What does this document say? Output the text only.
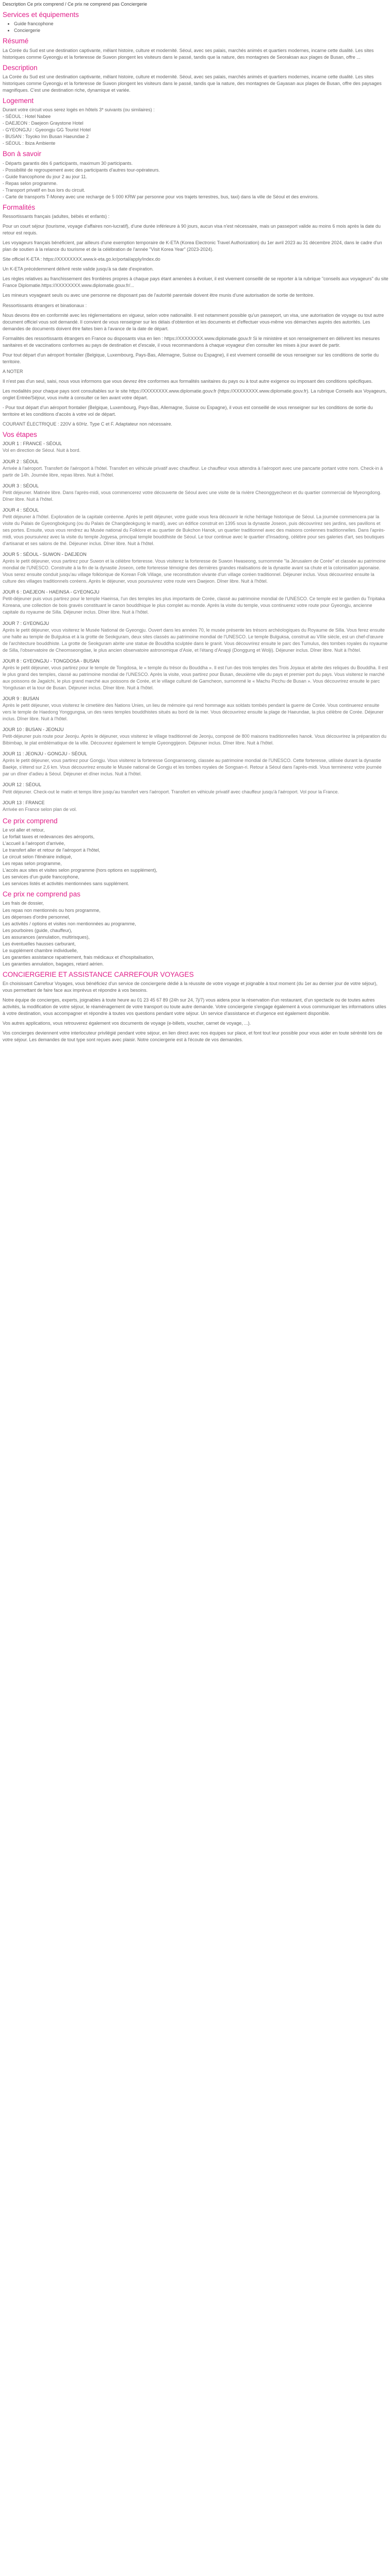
Description Ce prix comprend / Ce prix ne comprend pas Conciergerie
Services et équipements
• Guide francophone
• Conciergerie
Résumé

La Corée du Sud est une destination captivante, mêlant histoire, culture et modernité. Séoul, avec ses palais, marchés animés et quartiers modernes, incarne cette dualité. Les sites historiques comme Gyeongju et la forteresse de Suwon plongent les visiteurs dans le passé, tandis que la nature, des montagnes de Seoraksan aux plages de Busan, offre ...

Description

La Corée du Sud est une destination captivante, mêlant histoire, culture et modernité. Séoul, avec ses palais, marchés animés et quartiers modernes, incarne cette dualité. Les sites historiques comme Gyeongju et la forteresse de Suwon plongent les visiteurs dans le passé, tandis que la nature, des montagnes de Gayasan aux plages de Busan, offre des paysages magnifiques. C'est une destination riche, dynamique et variée.

Logement

Durant votre circuit vous serez logés en hôtels 3* suivants (ou similaires) :

- SÉOUL : Hotel Nabee
- DAEJEON : Daejeon Graystone Hotel
- GYEONGJU : Gyeongju GG Tourist Hotel
- BUSAN : Toyoko Inn Busan Haeundae 2
- SÉOUL : Ibiza Ambiente
Bon à savoir
- Départs garantis dès 6 participants, maximum 30 participants.
- Possibilité de regroupement avec des participants d'autres tour-opérateurs.
- Guide francophone du jour 2 au jour 11.
- Repas selon programme.
- Transport privatif en bus lors du circuit.
- Carte de transports T-Money avec une recharge de 5 000 KRW par personne pour vos trajets terrestres, bus, taxi) dans la ville de Séoul et des environs.
Formalités

Ressortissants français (adultes, bébés et enfants) :

Pour un court séjour (tourisme, voyage d'affaires non-lucratif), d'une durée inférieure à 90 jours, aucun visa n'est nécessaire, mais un passeport valide au moins 6 mois après la date du retour est requis.

Les voyageurs français bénéficient, par ailleurs d'une exemption temporaire de K-ETA (Korea Electronic Travel Authorization) du 1er avril 2023 au 31 décembre 2024, dans le cadre d'un plan de soutien à la relance du tourisme et de la célébration de l'année "Visit Korea Year" (2023-2024).

Site officiel K-ETA : https://XXXXXXXX.www.k-eta.go.kr/portal/apply/index.do

Un K-ETA précédemment délivré reste valide jusqu'à sa date d'expiration.

Les règles relatives au franchissement des frontières propres à chaque pays étant amenées à évoluer, il est vivement conseillé de se reporter à la rubrique "conseils aux voyageurs" du site France Diplomatie.https://XXXXXXXX.www.diplomatie.gouv.fr/...

Les mineurs voyageant seuls ou avec une personne ne disposant pas de l'autorité parentale doivent être munis d'une autorisation de sortie de territoire.

Ressortissants étrangers et binationaux :

Nous devons être en conformité avec les réglementations en vigueur, selon votre nationalité. Il est notamment possible qu'un passeport, un visa, une autorisation de voyage ou tout autre document officiel vous soit demandé. Il convient de vous renseigner sur les délais d'obtention et les documents et d'effectuer vous-même vos démarches auprès des autorités. Les demandes de documents doivent être faites bien à l'avance de la date de départ.

Formalités des ressortissants étrangers en France ou disposants visa en lien : https://XXXXXXXX.www.diplomatie.gouv.fr Si le ministère et son renseignement en délivrent les mesures sanitaires et de vaccinations conformes au pays de destination et d'escale, il vous recommandons à chaque voyageur d'en consulter les mises à jour avant de partir.

Pour tout départ d'un aéroport frontalier (Belgique, Luxembourg, Pays-Bas, Allemagne, Suisse ou Espagne), il est vivement conseillé de vous renseigner sur les conditions de sortie du territoire.

A NOTER

Il n'est pas d'un seul, saisi, nous vous informons que vous devrez être conformes aux formalités sanitaires du pays ou à tout autre exigence ou imposant des conditions spécifiques.

Les modalités pour chaque pays sont consultables sur le site https://XXXXXXXX.www.diplomatie.gouv.fr (https://XXXXXXXX.www.diplomatie.gouv.fr). La rubrique Conseils aux Voyageurs, onglet Entrée/Séjour, vous invite à consulter ce lien avant votre départ.

- Pour tout départ d'un aéroport frontalier (Belgique, Luxembourg, Pays-Bas, Allemagne, Suisse ou Espagne), il vous est conseillé de vous renseigner sur les conditions de sortie du territoire et les conditions d'accès à votre vol de départ.

COURANT ÉLECTRIQUE : 220V à 60Hz. Type C et F. Adaptateur non nécessaire.

Vos étapes

JOUR 1 : FRANCE - SÉOUL

Vol en direction de Séoul. Nuit à bord.

JOUR 2 : SÉOUL

Arrivée à l'aéroport. Transfert de l'aéroport à l'hôtel. Transfert en véhicule privatif avec chauffeur. Le chauffeur vous attendra à l'aéroport avec une pancarte portant votre nom. Check-in à partir de 14h. Journée libre, repas libres. Nuit à l'hôtel.

JOUR 3 : SÉOUL

Petit déjeuner. Matinée libre. Dans l'après-midi, vous commencerez votre découverte de Séoul avec une visite de la rivière Cheonggyecheon et du quartier commercial de Myeongdong. Dîner libre. Nuit à l'hôtel.

JOUR 4 : SÉOUL

Petit déjeuner à l'hôtel. Exploration de la capitale coréenne. Après le petit déjeuner, votre guide vous fera découvrir le riche héritage historique de Séoul. La journée commencera par la visite du Palais de Gyeongbokgung (ou du Palais de Changdeokgung le mardi), avec un édifice construit en 1395 sous la dynastie Joseon, puis découvrirez ses jardins, ses pavillons et ses portes. Ensuite, vous vous rendrez au Musée national du Folklore et au quartier de Bukchon Hanok, un quartier traditionnel avec des maisons coréennes traditionnelles. Dans l'après-midi, vous poursuivrez avec la visite du temple Jogyesa, principal temple bouddhiste de Séoul. Le tour continue avec le quartier d'Insadong, célèbre pour ses galeries d'art, ses boutiques d'artisanat et ses salons de thé. Déjeuner inclus. Dîner libre. Nuit à l'hôtel.

JOUR 5 : SÉOUL - SUWON - DAEJEON

Après le petit déjeuner, vous partirez pour Suwon et la célèbre forteresse. Vous visiterez la forteresse de Suwon Hwaseong, surnommée "la Jérusalem de Corée" et classée au patrimoine mondial de l'UNESCO. Construite à la fin de la dynastie Joseon, cette forteresse témoigne des dernières grandes réalisations de la dynastie avant sa chute et la colonisation japonaise. Vous serez ensuite conduit jusqu'au village folklorique de Korean Folk Village, une reconstitution vivante d'un village coréen traditionnel. Déjeuner inclus. Vous découvrirez ensuite la culture des villages traditionnels coréens. Après le déjeuner, vous poursuivrez votre route vers Daejeon. Dîner libre. Nuit à l'hôtel.

JOUR 6 : DAEJEON - HAEINSA - GYEONGJU

Petit-déjeuner puis vous partirez pour le temple Haeinsa, l'un des temples les plus importants de Corée, classé au patrimoine mondial de l'UNESCO. Ce temple est le gardien du Tripitaka Koreana, une collection de bois gravés constituant le canon bouddhique le plus complet au monde. Après la visite du temple, vous continuerez votre route pour Gyeongju, ancienne capitale du royaume de Silla. Déjeuner inclus. Dîner libre. Nuit à l'hôtel.

JOUR 7 : GYEONGJU

Après le petit déjeuner, vous visiterez le Musée National de Gyeongju. Ouvert dans les années 70, le musée présente les trésors archéologiques du Royaume de Silla. Vous ferez ensuite une halte au temple de Bulguksa et à la grotte de Seokguram, deux sites classés au patrimoine mondial de l'UNESCO. Le temple Bulguksa, construit au VIIIe siècle, est un chef-d'œuvre de l'architecture bouddhiste. La grotte de Seokguram abrite une statue de Bouddha sculptée dans le granit. Vous découvrirez ensuite le parc des Tumulus, des tombes royales du royaume de Silla, l'observatoire de Cheomseongdae, le plus ancien observatoire astronomique d'Asie, et l'étang d'Anapji (Donggung et Wolji). Déjeuner inclus. Dîner libre. Nuit à l'hôtel.

JOUR 8 : GYEONGJU - TONGDOSA - BUSAN

Après le petit déjeuner, vous partirez pour le temple de Tongdosa, le « temple du trésor du Bouddha ». Il est l'un des trois temples des Trois Joyaux et abrite des reliques du Bouddha. Il est le plus grand des temples, classé au patrimoine mondial de l'UNESCO. Après la visite, vous partirez pour Busan, deuxième ville du pays et premier port du pays. Vous visiterez le marché aux poissons de Jagalchi, le plus grand marché aux poissons de Corée, et le village culturel de Gamcheon, surnommé le « Machu Picchu de Busan ». Vous découvrirez ensuite le parc Yongdusan et la tour de Busan. Déjeuner inclus. Dîner libre. Nuit à l'hôtel.

JOUR 9 : BUSAN

Après le petit déjeuner, vous visiterez le cimetière des Nations Unies, un lieu de mémoire qui rend hommage aux soldats tombés pendant la guerre de Corée. Vous continuerez ensuite vers le temple de Haedong Yonggungsa, un des rares temples bouddhistes situés au bord de la mer. Vous découvrirez ensuite la plage de Haeundae, la plus célèbre de Corée. Déjeuner inclus. Dîner libre. Nuit à l'hôtel.

JOUR 10 : BUSAN - JEONJU

Petit-déjeuner puis route pour Jeonju. Après le déjeuner, vous visiterez le village traditionnel de Jeonju, composé de 800 maisons traditionnelles hanok. Vous découvrirez la préparation du Bibimbap, le plat emblématique de la ville. Découvrez également le temple Gyeonggijeon. Déjeuner inclus. Dîner libre. Nuit à l'hôtel.

JOUR 11 : JEONJU - GONGJU - SÉOUL

Après le petit déjeuner, vous partirez pour Gongju. Vous visiterez la forteresse Gongsanseong, classée au patrimoine mondial de l'UNESCO. Cette forteresse, utilisée durant la dynastie Baekje, s'étend sur 2,6 km. Vous découvrirez ensuite le Musée national de Gongju et les tombes royales de Songsan-ri. Retour à Séoul dans l'après-midi. Vous terminerez votre journée par un dîner d'adieu à Séoul. Déjeuner et dîner inclus. Nuit à l'hôtel.

JOUR 12 : SÉOUL

Petit déjeuner. Check-out le matin et temps libre jusqu'au transfert vers l'aéroport. Transfert en véhicule privatif avec chauffeur jusqu'à l'aéroport. Vol pour la France.

JOUR 13 : FRANCE

Arrivée en France selon plan de vol.

Ce prix comprend
Le vol aller et retour,
Le forfait taxes et redevances des aéroports,
L'accueil à l'aéroport d'arrivée,
Le transfert aller et retour de l'aéroport à l'hôtel,
Le circuit selon l'itinéraire indiqué,
Les repas selon programme,
L'accès aux sites et visites selon programme (hors options en supplément),
Les services d'un guide francophone,
Les services listés et activités mentionnées sans supplément.
Ce prix ne comprend pas
Les frais de dossier,
Les repas non mentionnés ou hors programme,
Les dépenses d'ordre personnel,
Les activités / options et visites non mentionnées au programme,
Les pourboires (guide, chauffeur),
Les assurances (annulation, multirisques),
Les éventuelles hausses carburant,
Le supplément chambre individuelle,
Les garanties assistance rapatriement, frais médicaux et d'hospitalisation,
Les garanties annulation, bagages, retard aérien.
CONCIERGERIE ET ASSISTANCE CARREFOUR VOYAGES

En choisissant Carrefour Voyages, vous bénéficiez d'un service de conciergerie dédié à la réussite de votre voyage et joignable à tout moment (du 1er au dernier jour de votre séjour), vous permettant de faire face aux imprévus et répondre à vos besoins.

Notre équipe de concierges, experts, joignables à toute heure au 01 23 45 67 89 (24h sur 24, 7j/7) vous aidera pour la réservation d'un restaurant, d'un spectacle ou de toutes autres activités, la modification de votre séjour, le réaménagement de votre transport ou toute autre demande. Votre conciergerie s'engage également à vous communiquer les informations utiles à votre destination, vous accompagner et répondre à toutes vos questions pendant votre séjour. Un service d'assistance et d'urgence est également disponible.

Vos autres applications, vous retrouverez également vos documents de voyage (e-billets, voucher, carnet de voyage, ...).

Vos concierges deviennent votre interlocuteur privilégié pendant votre séjour, en lien direct avec nos équipes sur place, et font tout leur possible pour vous aider en toute sérénité lors de votre séjour. Les demandes de tout type sont reçues avec plaisir. Notre conciergerie est à l'écoute de vos demandes.
